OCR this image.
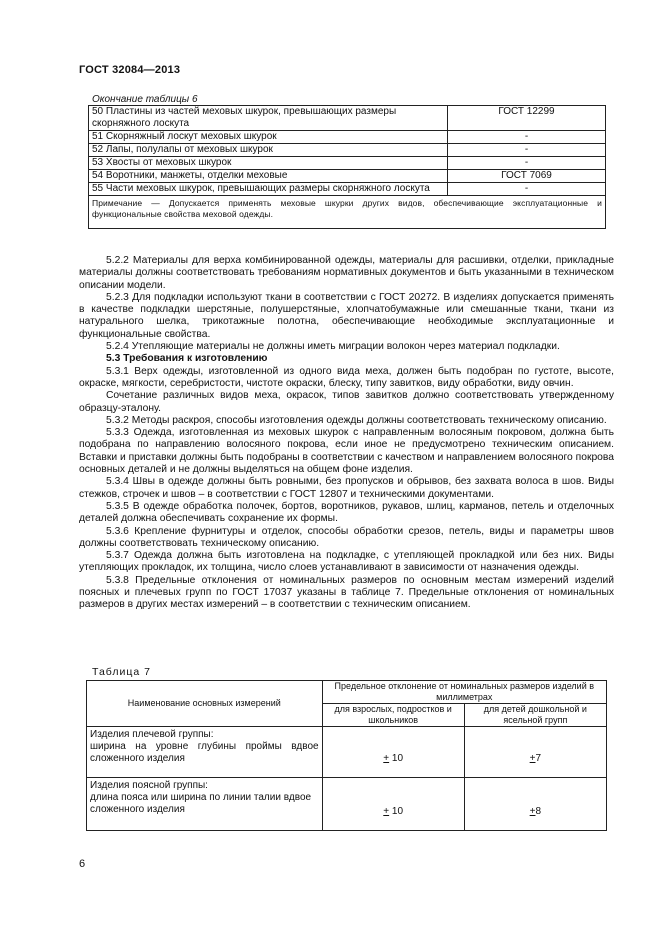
ГОСТ 32084—2013
Окончание таблицы 6
50 Пластины из частей меховых шкурок, превышающих размеры скорняжного лоскута	ГОСТ 12299
51 Скорняжный лоскут меховых шкурок	-
52 Лапы, полулапы от меховых шкурок	-
53 Хвосты от меховых шкурок	-
54 Воротники, манжеты, отделки меховые	ГОСТ 7069
55 Части меховых шкурок, превышающих размеры скорняжного лоскута	-
Примечание — Допускается применять меховые шкурки других видов, обеспечивающие эксплуатационные и функциональные свойства меховой одежды.	

5.2.2 Материалы для верха комбинированной одежды, материалы для расшивки, отделки, прикладные материалы должны соответствовать требованиям нормативных документов и быть указанными в техническом описании модели.

5.2.3 Для подкладки используют ткани в соответствии с ГОСТ 20272. В изделиях допускается применять в качестве подкладки шерстяные, полушерстяные, хлопчатобумажные или смешанные ткани, ткани из натурального шелка, трикотажные полотна, обеспечивающие необходимые эксплуатационные и функциональные свойства.

5.2.4 Утепляющие материалы не должны иметь миграции волокон через материал подкладки.

5.3 Требования к изготовлению

5.3.1 Верх одежды, изготовленной из одного вида меха, должен быть подобран по густоте, высоте, окраске, мягкости, серебристости, чистоте окраски, блеску, типу завитков, виду обработки, виду овчин.

Сочетание различных видов меха, окрасок, типов завитков должно соответствовать утвержденному образцу-эталону.

5.3.2 Методы раскроя, способы изготовления одежды должны соответствовать техническому описанию.

5.3.3 Одежда, изготовленная из меховых шкурок с направленным волосяным покровом, должна быть подобрана по направлению волосяного покрова, если иное не предусмотрено техническим описанием. Вставки и приставки должны быть подобраны в соответствии с качеством и направлением волосяного покрова основных деталей и не должны выделяться на общем фоне изделия.

5.3.4 Швы в одежде должны быть ровными, без пропусков и обрывов, без захвата волоса в шов. Виды стежков, строчек и швов – в соответствии с ГОСТ 12807 и техническими документами.

5.3.5 В одежде обработка полочек, бортов, воротников, рукавов, шлиц, карманов, петель и отделочных деталей должна обеспечивать сохранение их формы.

5.3.6 Крепление фурнитуры и отделок, способы обработки срезов, петель, виды и параметры швов должны соответствовать техническому описанию.

5.3.7 Одежда должна быть изготовлена на подкладке, с утепляющей прокладкой или без них. Виды утепляющих прокладок, их толщина, число слоев устанавливают в зависимости от назначения одежды.

5.3.8 Предельные отклонения от номинальных размеров по основным местам измерений изделий поясных и плечевых групп по ГОСТ 17037 указаны в таблице 7. Предельные отклонения от номинальных размеров в других местах измерений – в соответствии с техническим описанием.

Таблица 7
Наименование основных измерений	Предельное отклонение от номинальных размеров изделий в миллиметрах	
	для взрослых, подростков и школьников	для детей дошкольной и ясельной групп

Изделия плечевой группы:
ширина на уровне глубины проймы вдвое сложенного изделия	+ 10	+7

Изделия поясной группы:
длина пояса или ширина по линии талии вдвое сложенного изделия	+ 10	+8
6
